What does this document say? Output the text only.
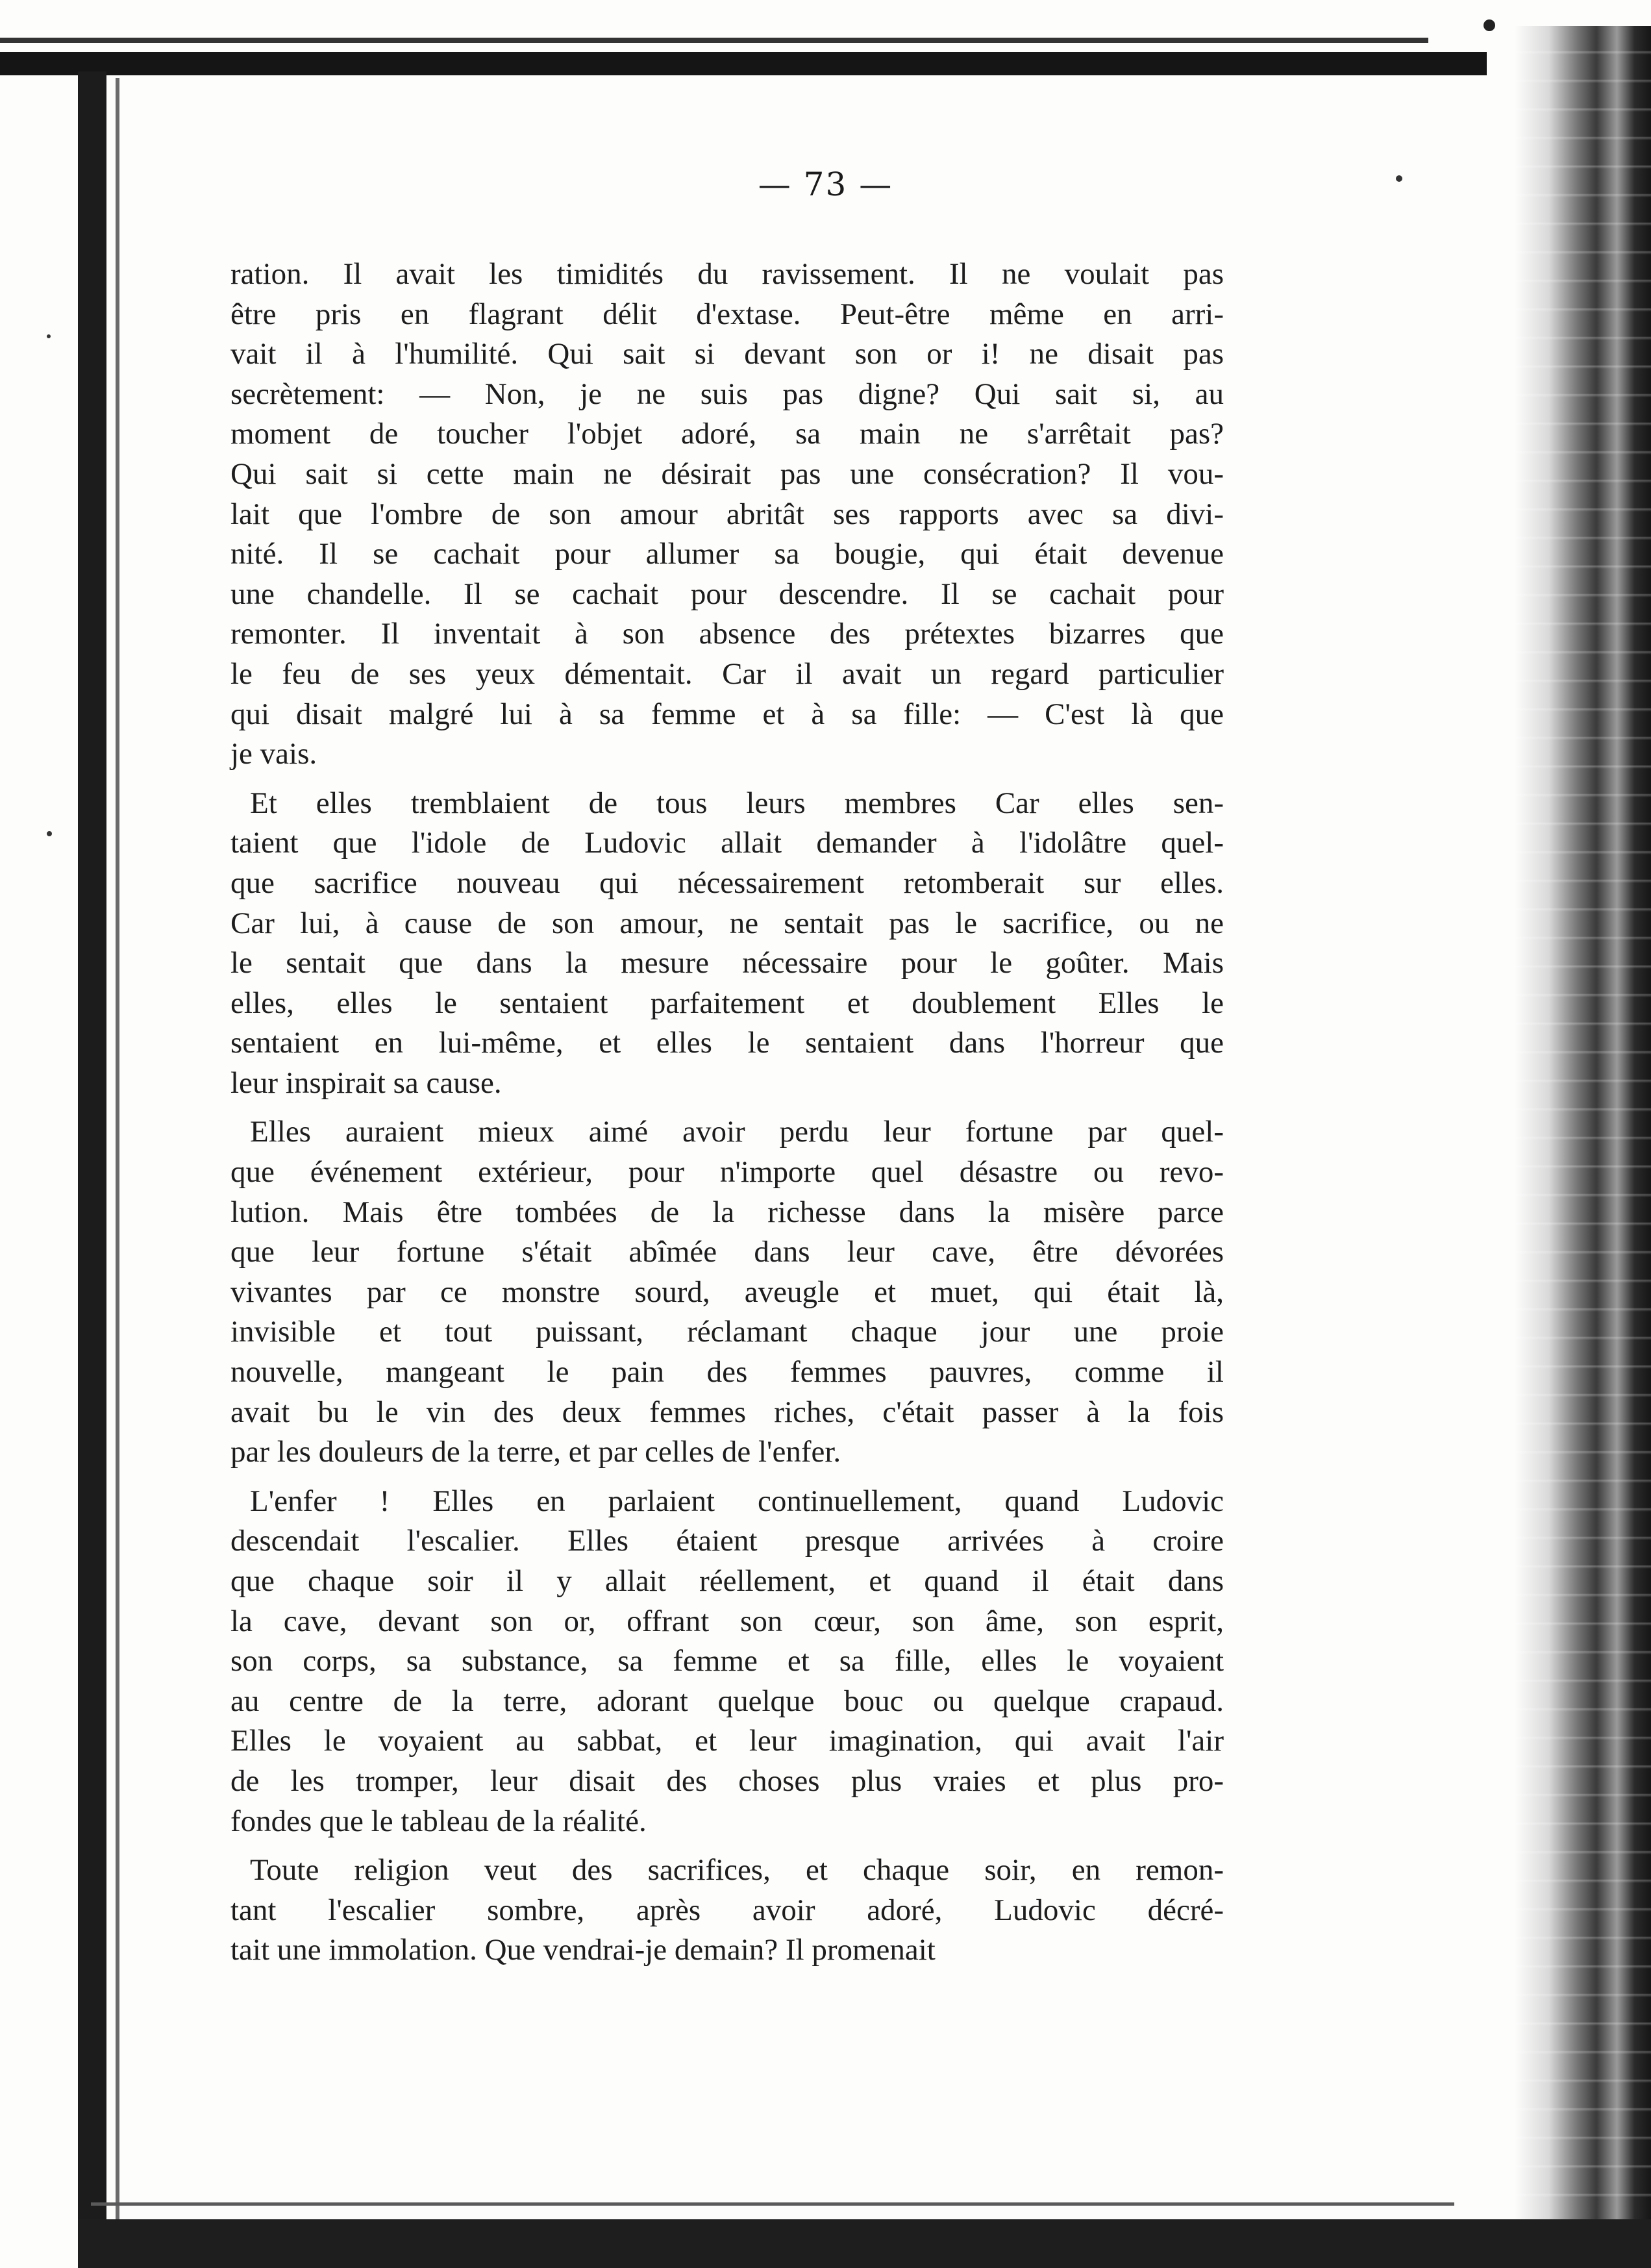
— 73 —
ration. Il avait les timidités du ravissement. Il ne voulait pas
être pris en flagrant délit d'extase. Peut-être même en arri-
vait il à l'humilité. Qui sait si devant son or i! ne disait pas
secrètement: — Non, je ne suis pas digne? Qui sait si, au
moment de toucher l'objet adoré, sa main ne s'arrêtait pas?
Qui sait si cette main ne désirait pas une consécration? Il vou-
lait que l'ombre de son amour abritât ses rapports avec sa divi-
nité. Il se cachait pour allumer sa bougie, qui était devenue
une chandelle. Il se cachait pour descendre. Il se cachait pour
remonter. Il inventait à son absence des prétextes bizarres que
le feu de ses yeux démentait. Car il avait un regard particulier
qui disait malgré lui à sa femme et à sa fille: — C'est là que
je vais.
Et elles tremblaient de tous leurs membres Car elles sen-
taient que l'idole de Ludovic allait demander à l'idolâtre quel-
que sacrifice nouveau qui nécessairement retomberait sur elles.
Car lui, à cause de son amour, ne sentait pas le sacrifice, ou ne
le sentait que dans la mesure nécessaire pour le goûter. Mais
elles, elles le sentaient parfaitement et doublement Elles le
sentaient en lui-même, et elles le sentaient dans l'horreur que
leur inspirait sa cause.
Elles auraient mieux aimé avoir perdu leur fortune par quel-
que événement extérieur, pour n'importe quel désastre ou revo-
lution. Mais être tombées de la richesse dans la misère parce
que leur fortune s'était abîmée dans leur cave, être dévorées
vivantes par ce monstre sourd, aveugle et muet, qui était là,
invisible et tout puissant, réclamant chaque jour une proie
nouvelle, mangeant le pain des femmes pauvres, comme il
avait bu le vin des deux femmes riches, c'était passer à la fois
par les douleurs de la terre, et par celles de l'enfer.
L'enfer ! Elles en parlaient continuellement, quand Ludovic
descendait l'escalier. Elles étaient presque arrivées à croire
que chaque soir il y allait réellement, et quand il était dans
la cave, devant son or, offrant son cœur, son âme, son esprit,
son corps, sa substance, sa femme et sa fille, elles le voyaient
au centre de la terre, adorant quelque bouc ou quelque crapaud.
Elles le voyaient au sabbat, et leur imagination, qui avait l'air
de les tromper, leur disait des choses plus vraies et plus pro-
fondes que le tableau de la réalité.
Toute religion veut des sacrifices, et chaque soir, en remon-
tant l'escalier sombre, après avoir adoré, Ludovic décré-
tait une immolation. Que vendrai-je demain? Il promenait
